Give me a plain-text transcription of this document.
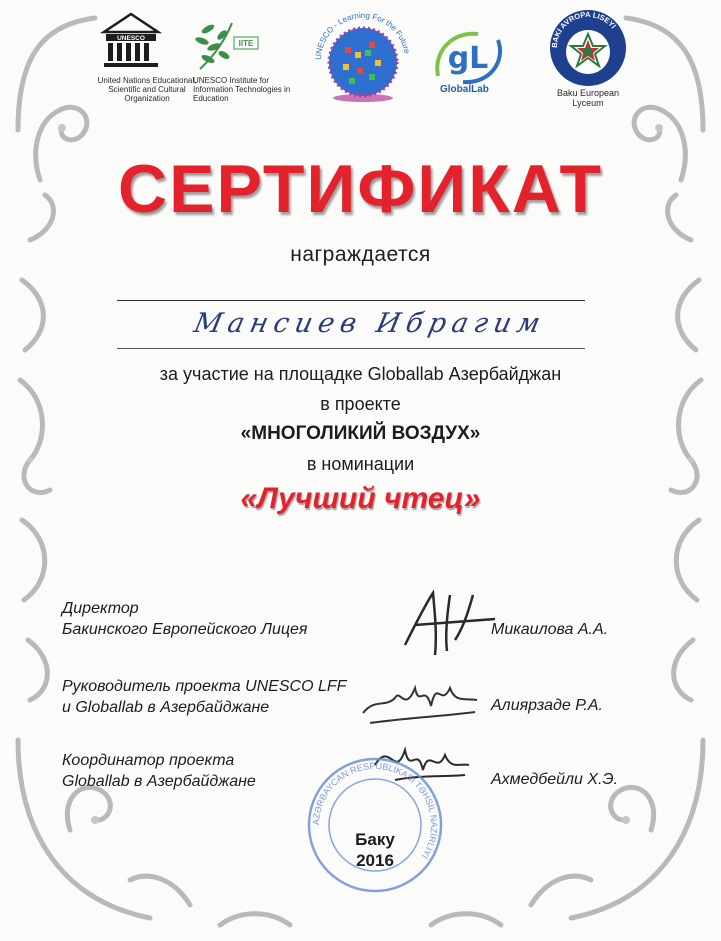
UNESCO
United Nations Educational, Scientific and Cultural Organization
IITE
UNESCO Institute for Information Technologies in Education
UNESCO - Learning For the Future gL
GlobalLab
BAKI AVROPA LISEYI
Baku European Lyceum
СЕРТИФИКАТ
награждается
Мансиев Ибрагим
за участие на площадке Globallab Азербайджан
в проекте
«МНОГОЛИКИЙ ВОЗДУХ»
в номинации
«Лучший чтец»
Директор
Бакинского Европейского Лицея	Микаилова А.А.
Руководитель проекта UNESCO LFF
и Globallab в Азербайджане	Алиярзаде Р.А.
Координатор проекта
Globallab в Азербайджане	Ахмедбейли Х.Э.
AZƏRBAYCAN RESPUBLİKASI TƏHSİL NAZİRLİYİ
Баку
2016
